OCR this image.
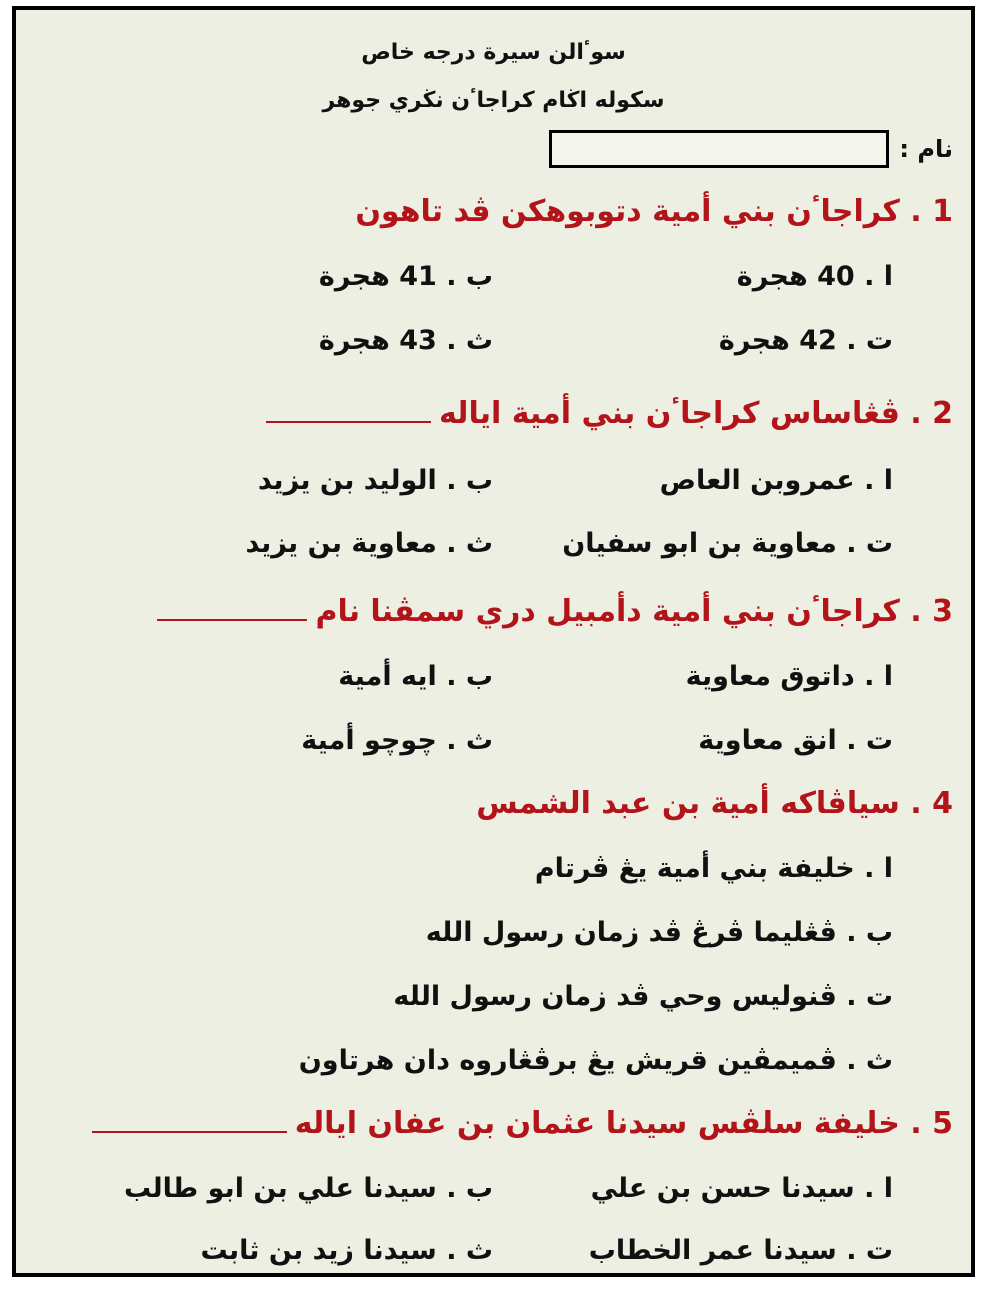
سوٴالن سيرة درجه خاص
سكوله اڬام كراجاٴن نڬري جوهر
نام :
1 . كراجاٴن بني أمية دتوبوهكن ڤد تاهون
ا . 40 هجرة
ب . 41 هجرة
ت . 42 هجرة
ث . 43 هجرة
2 . ڤڠاساس كراجاٴن بني أمية اياله
ا . عمروبن العاص
ب . الوليد بن يزيد
ت . معاوية بن ابو سفيان
ث . معاوية بن يزيد
3 . كراجاٴن بني أمية دأمبيل دري سمڤنا نام
ا . داتوق معاوية
ب . ايه أمية
ت . انق معاوية
ث . چوچو أمية
4 . سياڤاكه أمية بن عبد الشمس
ا . خليفة بني أمية يڠ ڤرتام
ب . ڤڠليما ڤرڠ ڤد زمان رسول الله
ت . ڤنوليس وحي ڤد زمان رسول الله
ث . ڤميمڤين قريش يڠ برڤڠاروه دان هرتاون
5 . خليفة سلڤس سيدنا عثمان بن عفان اياله
ا . سيدنا حسن بن علي
ب . سيدنا علي بن ابو طالب
ت . سيدنا عمر الخطاب
ث . سيدنا زيد بن ثابت
